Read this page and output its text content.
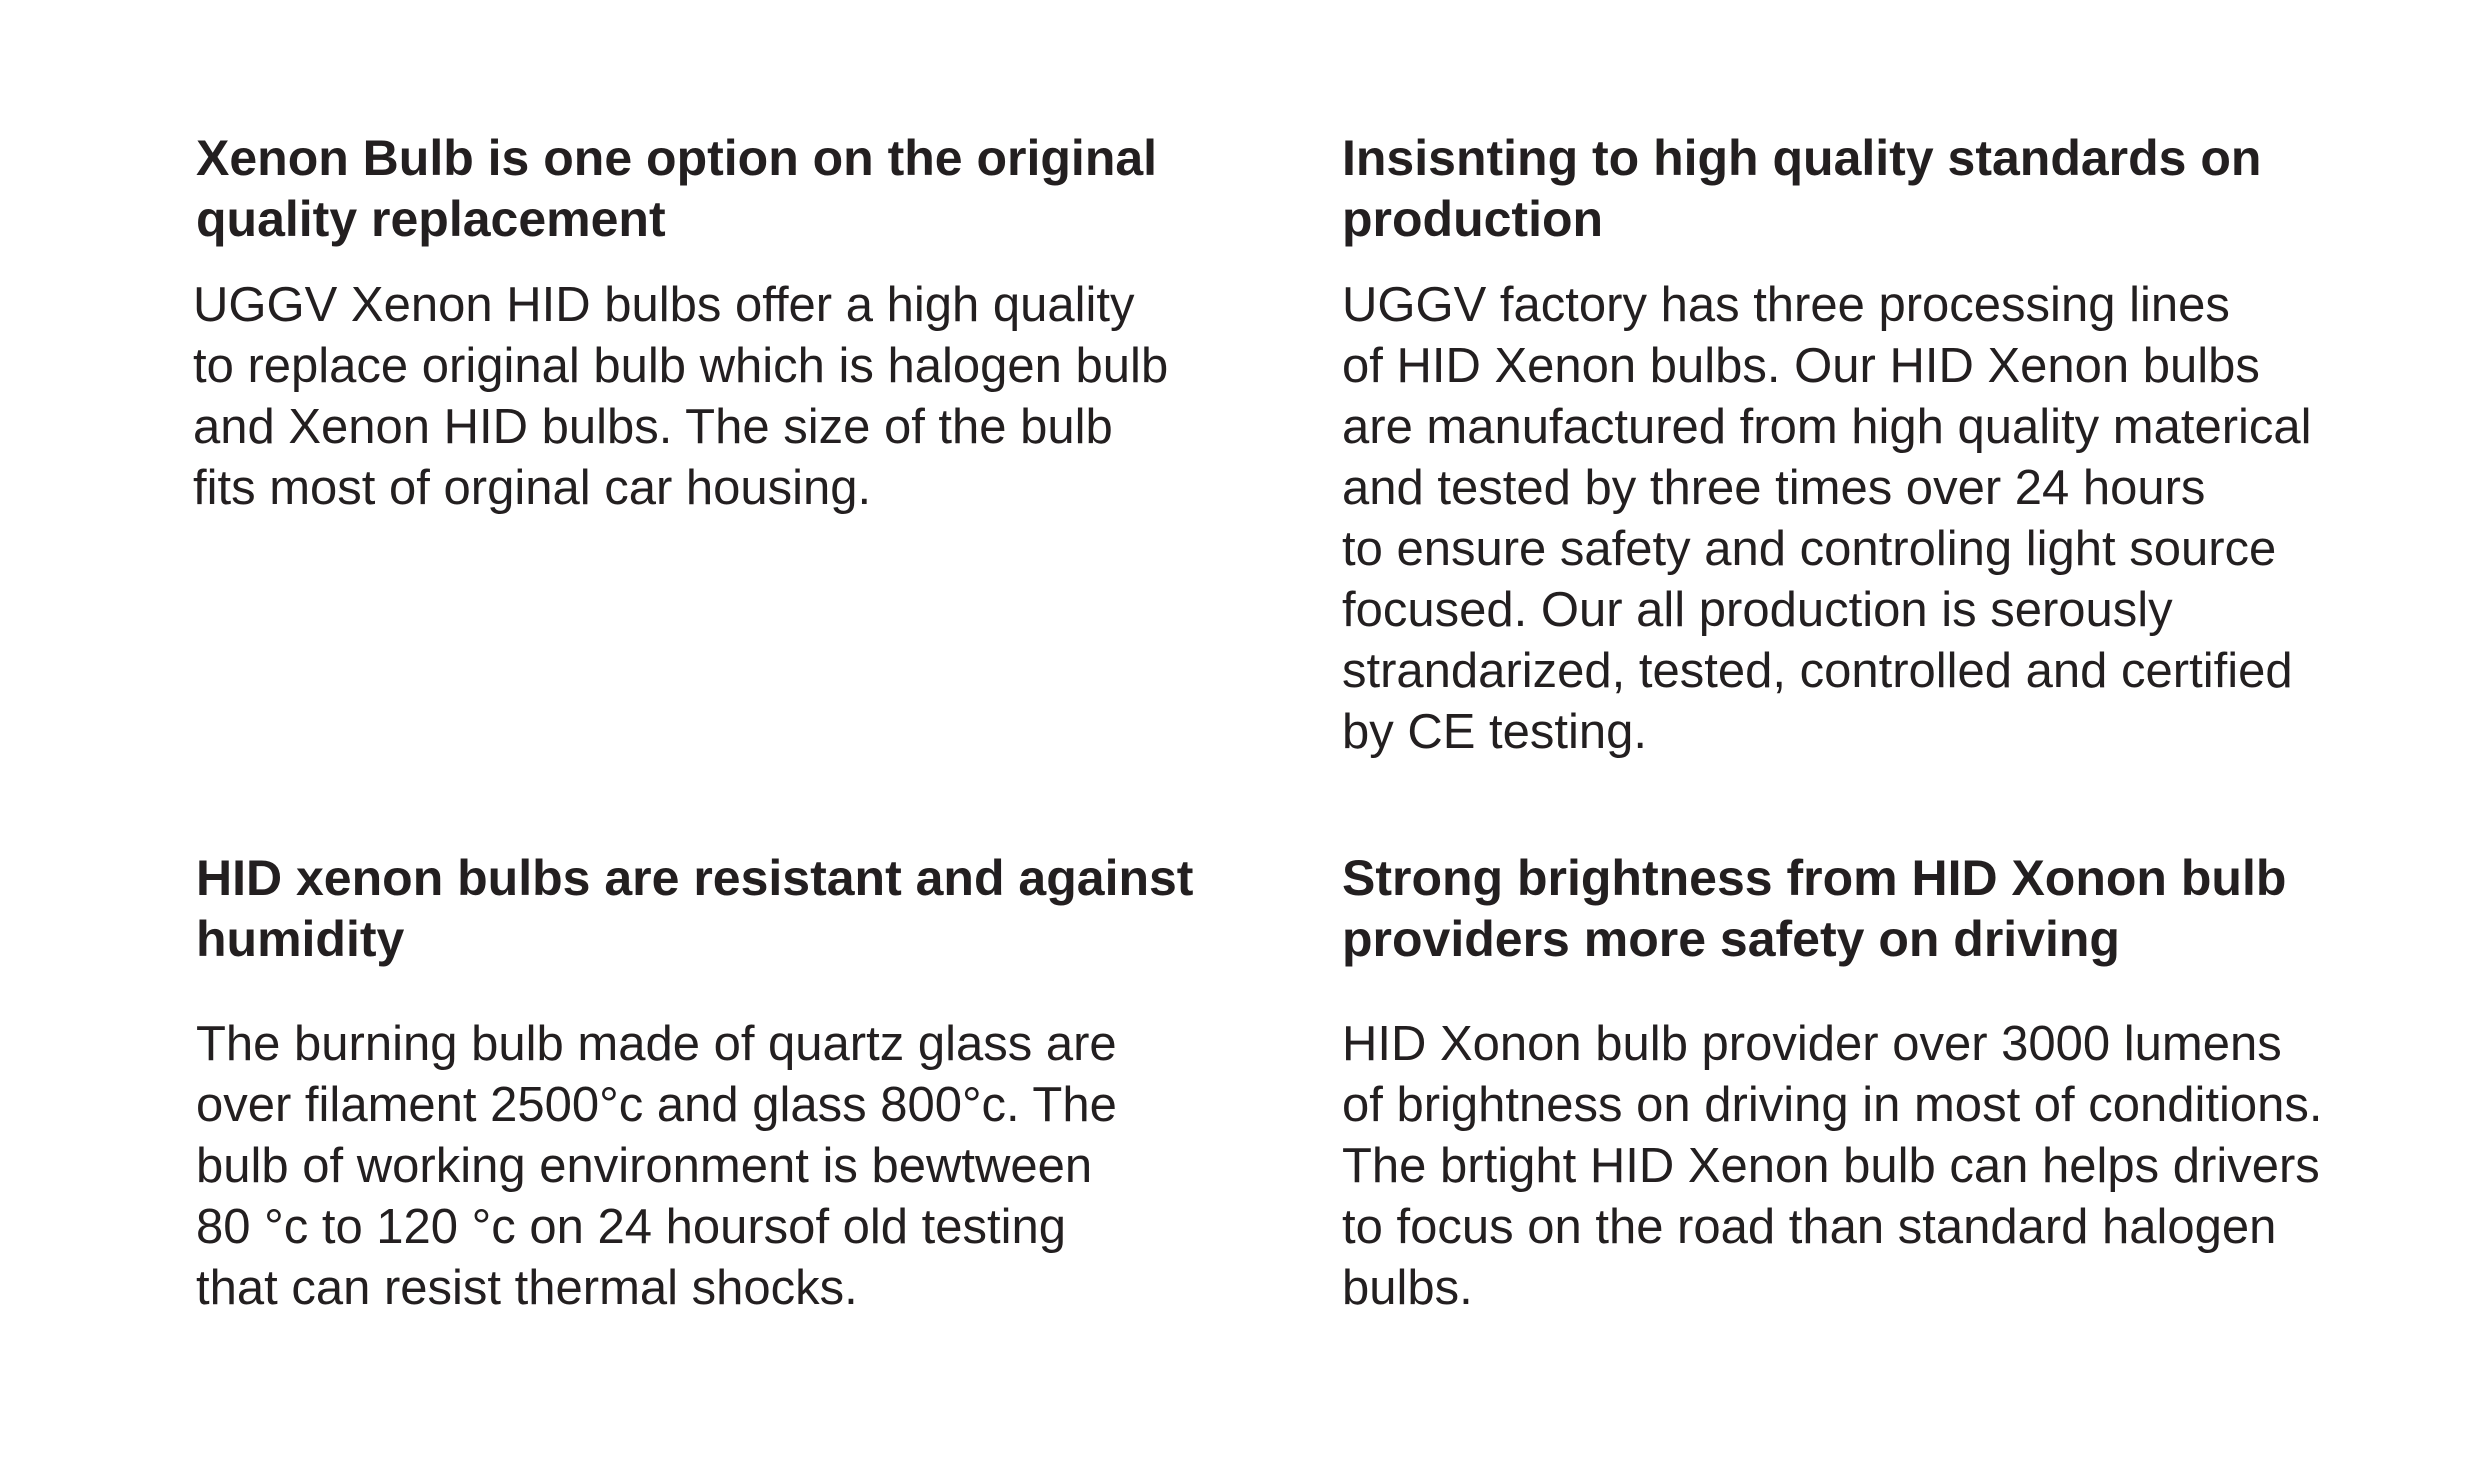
Xenon Bulb is one option on the original
quality replacement
UGGV Xenon HID bulbs offer a high quality
to replace original bulb which is halogen bulb
and Xenon HID bulbs. The size of the bulb
fits most of orginal car housing.
Insisnting to high quality standards on
production
UGGV factory has three processing lines
of HID Xenon bulbs. Our HID Xenon bulbs
are manufactured from high quality materical
and tested by three times over 24 hours
to ensure safety and controling light source
focused. Our all production is serously
strandarized, tested, controlled and certified
by CE testing.
HID xenon bulbs are resistant and against
humidity
The burning bulb made of quartz glass are
over filament 2500°c and glass 800°c. The
bulb of working environment is bewtween
80 °c to 120 °c on 24 hoursof old testing
that can resist thermal shocks.
Strong brightness from HID Xonon bulb
providers more safety on driving
HID Xonon bulb provider over 3000 lumens
of brightness on driving in most of conditions.
The brtight HID Xenon bulb can helps drivers
to focus on the road than standard halogen
bulbs.
